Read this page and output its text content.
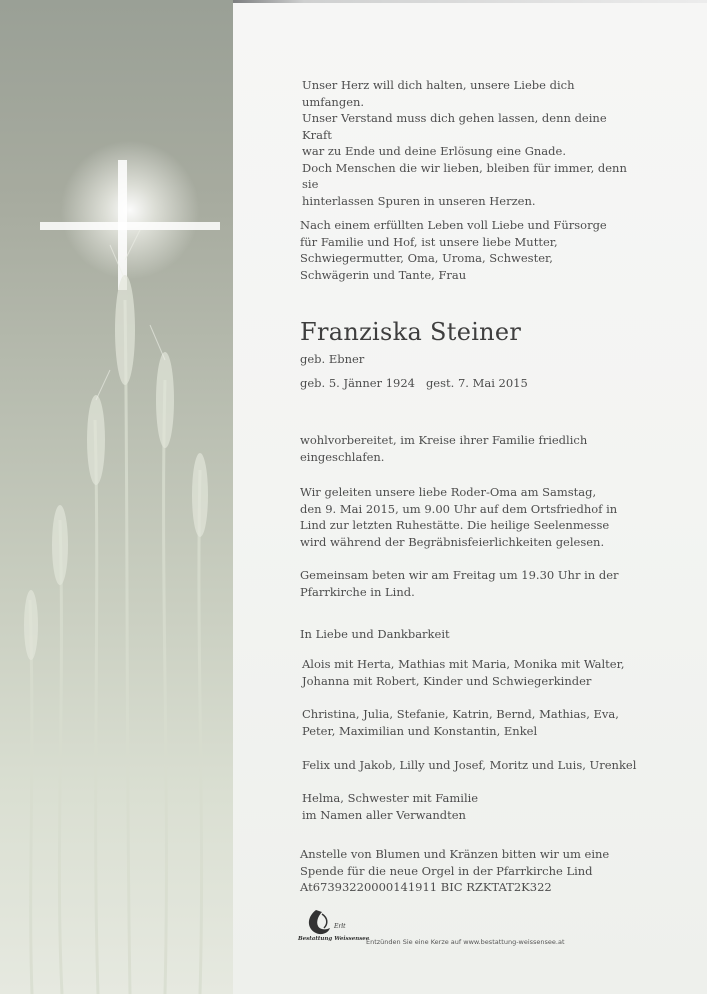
Unser Herz will dich halten, unsere Liebe dich umfangen.
Unser Verstand muss dich gehen lassen, denn deine Kraft
war zu Ende und deine Erlösung eine Gnade.
Doch Menschen die wir lieben, bleiben für immer, denn sie
hinterlassen Spuren in unseren Herzen.
Nach einem erfüllten Leben voll Liebe und Fürsorge
für Familie und Hof, ist unsere liebe Mutter,
Schwiegermutter, Oma, Uroma, Schwester,
Schwägerin und Tante, Frau
Franziska Steiner
geb. Ebner
geb. 5. Jänner 1924   gest. 7. Mai 2015
wohlvorbereitet, im Kreise ihrer Familie friedlich
eingeschlafen.
Wir geleiten unsere liebe Roder-Oma am Samstag,
den 9. Mai 2015, um 9.00 Uhr auf dem Ortsfriedhof in
Lind zur letzten Ruhestätte. Die heilige Seelenmesse
wird während der Begräbnisfeierlichkeiten gelesen.
Gemeinsam beten wir am Freitag um 19.30 Uhr in der
Pfarrkirche in Lind.
In Liebe und Dankbarkeit
Alois mit Herta, Mathias mit Maria, Monika mit Walter,
Johanna mit Robert, Kinder und Schwiegerkinder
Christina, Julia, Stefanie, Katrin, Bernd, Mathias, Eva,
Peter, Maximilian und Konstantin, Enkel
Felix und Jakob, Lilly und Josef, Moritz und Luis, Urenkel
Helma, Schwester mit Familie
im Namen aller Verwandten
Anstelle von Blumen und Kränzen bitten wir um eine
Spende für die neue Orgel in der Pfarrkirche Lind
At67393220000141911 BIC RZKTAT2K322
Erlt
Bestattung Weissensee
Entzünden Sie eine Kerze auf www.bestattung-weissensee.at
